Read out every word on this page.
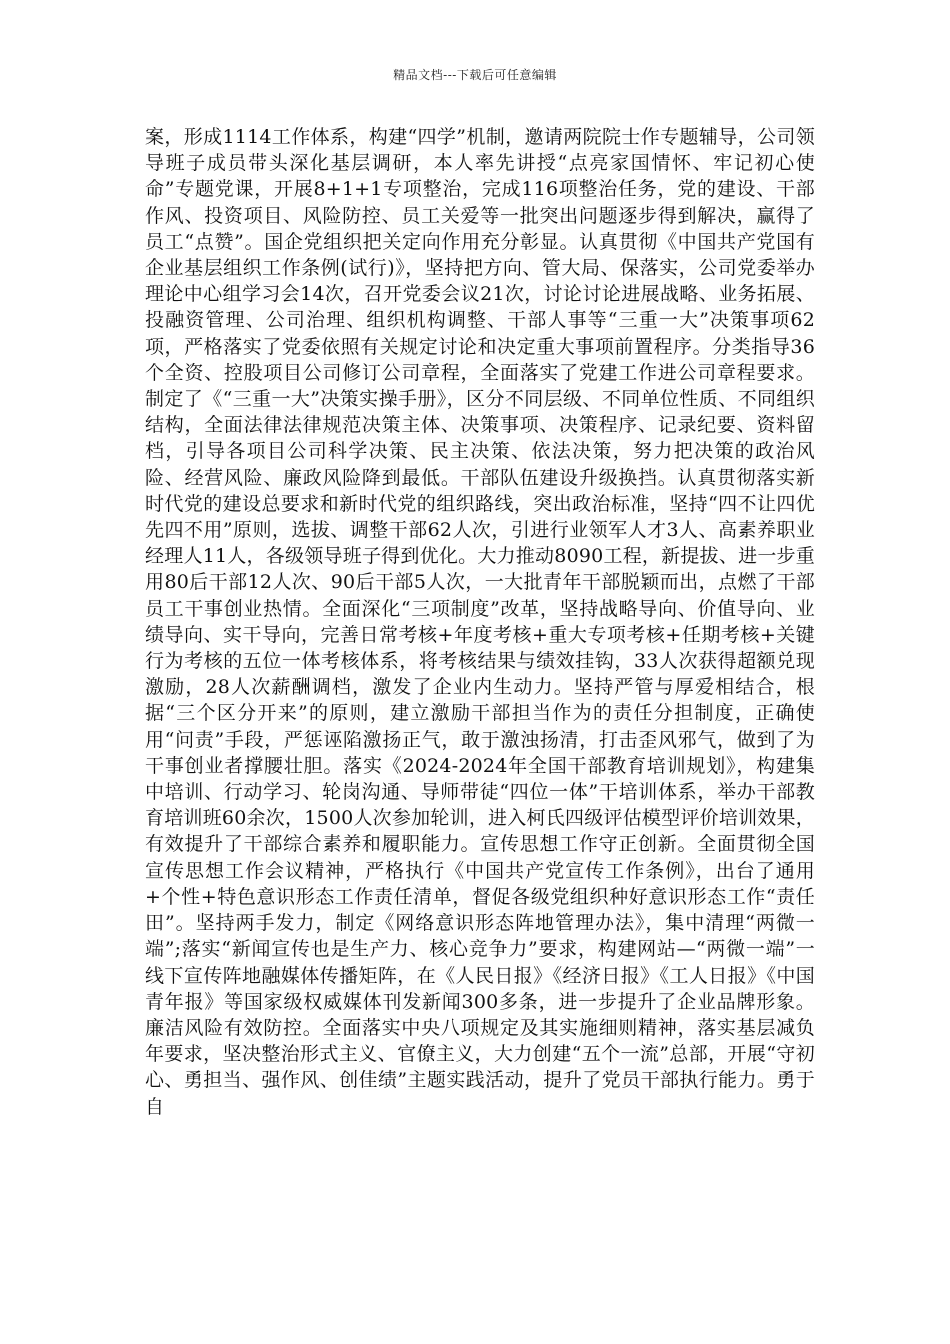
精品文档---下载后可任意编辑

案，形成1114工作体系，构建“四学”机制，邀请两院院士作专题辅导，公司领导班子成员带头深化基层调研，本人率先讲授“点亮家国情怀、牢记初心使命”专题党课，开展8+1+1专项整治，完成116项整治任务，党的建设、干部作风、投资项目、风险防控、员工关爱等一批突出问题逐步得到解决，赢得了员工“点赞”。国企党组织把关定向作用充分彰显。认真贯彻《中国共产党国有企业基层组织工作条例(试行)》，坚持把方向、管大局、保落实，公司党委举办理论中心组学习会14次，召开党委会议21次，讨论讨论进展战略、业务拓展、投融资管理、公司治理、组织机构调整、干部人事等“三重一大”决策事项62项，严格落实了党委依照有关规定讨论和决定重大事项前置程序。分类指导36个全资、控股项目公司修订公司章程，全面落实了党建工作进公司章程要求。制定了《“三重一大”决策实操手册》，区分不同层级、不同单位性质、不同组织结构，全面法律法律规范决策主体、决策事项、决策程序、记录纪要、资料留档，引导各项目公司科学决策、民主决策、依法决策，努力把决策的政治风险、经营风险、廉政风险降到最低。干部队伍建设升级换挡。认真贯彻落实新时代党的建设总要求和新时代党的组织路线，突出政治标准，坚持“四不让四优先四不用”原则，选拔、调整干部62人次，引进行业领军人才3人、高素养职业经理人11人，各级领导班子得到优化。大力推动8090工程，新提拔、进一步重用80后干部12人次、90后干部5人次，一大批青年干部脱颖而出，点燃了干部员工干事创业热情。全面深化“三项制度”改革，坚持战略导向、价值导向、业绩导向、实干导向，完善日常考核+年度考核+重大专项考核+任期考核+关键行为考核的五位一体考核体系，将考核结果与绩效挂钩，33人次获得超额兑现激励，28人次薪酬调档，激发了企业内生动力。坚持严管与厚爱相结合，根据“三个区分开来”的原则，建立激励干部担当作为的责任分担制度，正确使用“问责”手段，严惩诬陷激扬正气，敢于激浊扬清，打击歪风邪气，做到了为干事创业者撑腰壮胆。落实《2024-2024年全国干部教育培训规划》，构建集中培训、行动学习、轮岗沟通、导师带徒“四位一体”干培训体系，举办干部教育培训班60余次，1500人次参加轮训，进入柯氏四级评估模型评价培训效果，有效提升了干部综合素养和履职能力。宣传思想工作守正创新。全面贯彻全国宣传思想工作会议精神，严格执行《中国共产党宣传工作条例》，出台了通用+个性+特色意识形态工作责任清单，督促各级党组织种好意识形态工作“责任田”。坚持两手发力，制定《网络意识形态阵地管理办法》，集中清理“两微一端”;落实“新闻宣传也是生产力、核心竞争力”要求，构建网站—“两微一端”一线下宣传阵地融媒体传播矩阵，在《人民日报》《经济日报》《工人日报》《中国青年报》等国家级权威媒体刊发新闻300多条，进一步提升了企业品牌形象。廉洁风险有效防控。全面落实中央八项规定及其实施细则精神，落实基层减负年要求，坚决整治形式主义、官僚主义，大力创建“五个一流”总部，开展“守初心、勇担当、强作风、创佳绩”主题实践活动，提升了党员干部执行能力。勇于自
